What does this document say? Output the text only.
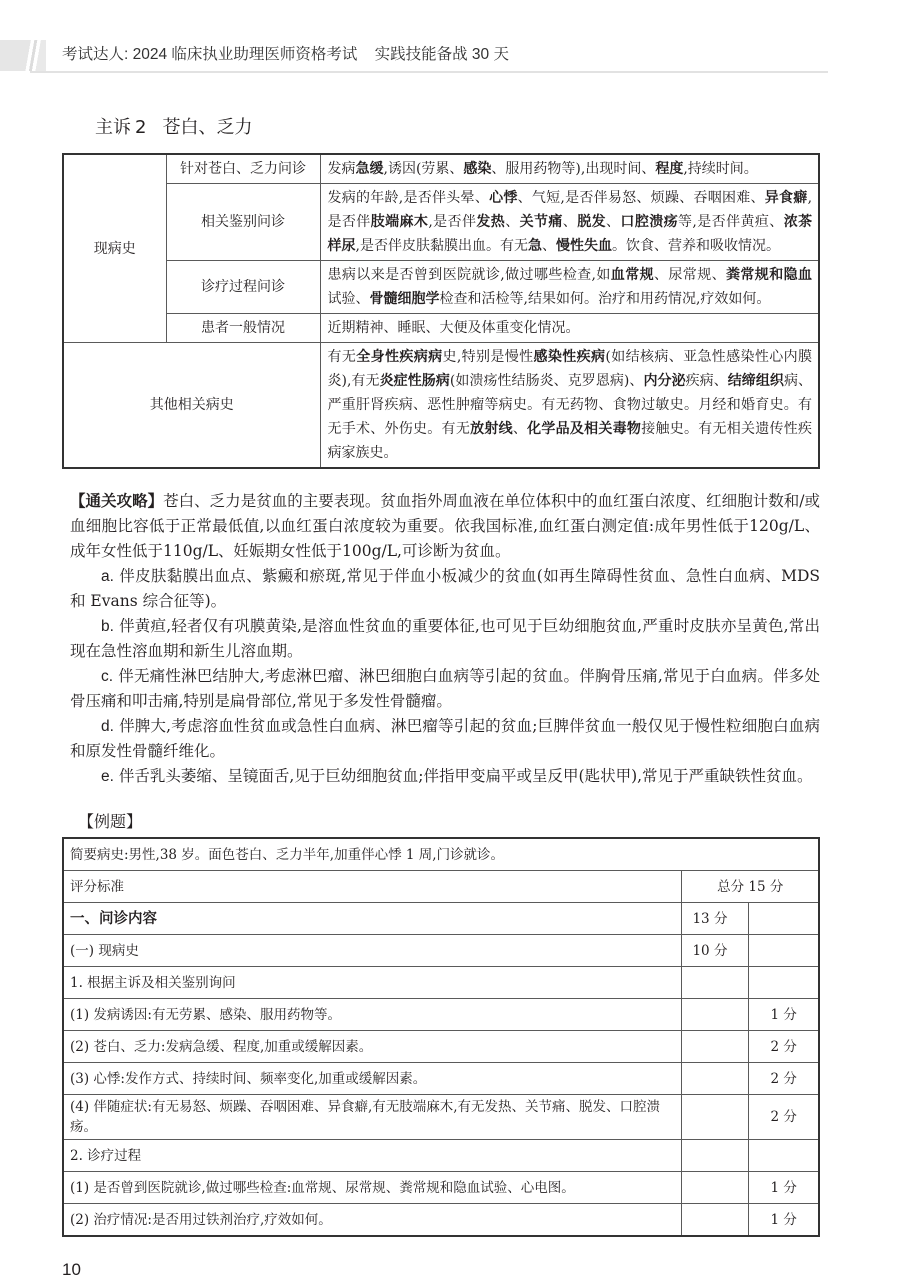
考试达人: 2024 临床执业助理医师资格考试    实践技能备战 30 天
主诉 2 苍白、乏力
现病史	针对苍白、乏力问诊	发病急缓,诱因(劳累、感染、服用药物等),出现时间、程度,持续时间。
	相关鉴别问诊	发病的年龄,是否伴头晕、心悸、气短,是否伴易怒、烦躁、吞咽困难、异食癖,是否伴肢端麻木,是否伴发热、关节痛、脱发、口腔溃疡等,是否伴黄疸、浓茶样尿,是否伴皮肤黏膜出血。有无急、慢性失血。饮食、营养和吸收情况。
	诊疗过程问诊	患病以来是否曾到医院就诊,做过哪些检查,如血常规、尿常规、粪常规和隐血试验、骨髓细胞学检查和活检等,结果如何。治疗和用药情况,疗效如何。
	患者一般情况	近期精神、睡眠、大便及体重变化情况。
其他相关病史		有无全身性疾病病史,特别是慢性感染性疾病(如结核病、亚急性感染性心内膜炎),有无炎症性肠病(如溃疡性结肠炎、克罗恩病)、内分泌疾病、结缔组织病、严重肝肾疾病、恶性肿瘤等病史。有无药物、食物过敏史。月经和婚育史。有无手术、外伤史。有无放射线、化学品及相关毒物接触史。有无相关遗传性疾病家族史。

【通关攻略】苍白、乏力是贫血的主要表现。贫血指外周血液在单位体积中的血红蛋白浓度、红细胞计数和/或血细胞比容低于正常最低值,以血红蛋白浓度较为重要。依我国标准,血红蛋白测定值:成年男性低于120g/L、成年女性低于110g/L、妊娠期女性低于100g/L,可诊断为贫血。

a. 伴皮肤黏膜出血点、紫癜和瘀斑,常见于伴血小板减少的贫血(如再生障碍性贫血、急性白血病、MDS 和 Evans 综合征等)。

b. 伴黄疸,轻者仅有巩膜黄染,是溶血性贫血的重要体征,也可见于巨幼细胞贫血,严重时皮肤亦呈黄色,常出现在急性溶血期和新生儿溶血期。

c. 伴无痛性淋巴结肿大,考虑淋巴瘤、淋巴细胞白血病等引起的贫血。伴胸骨压痛,常见于白血病。伴多处骨压痛和叩击痛,特别是扁骨部位,常见于多发性骨髓瘤。

d. 伴脾大,考虑溶血性贫血或急性白血病、淋巴瘤等引起的贫血;巨脾伴贫血一般仅见于慢性粒细胞白血病和原发性骨髓纤维化。

e. 伴舌乳头萎缩、呈镜面舌,见于巨幼细胞贫血;伴指甲变扁平或呈反甲(匙状甲),常见于严重缺铁性贫血。

【例题】
简要病史:男性,38 岁。面色苍白、乏力半年,加重伴心悸 1 周,门诊就诊。		
评分标准	总分 15 分	
一、问诊内容	13 分	
(一) 现病史	10 分	
1. 根据主诉及相关鉴别询问		
(1) 发病诱因:有无劳累、感染、服用药物等。		1 分
(2) 苍白、乏力:发病急缓、程度,加重或缓解因素。		2 分
(3) 心悸:发作方式、持续时间、频率变化,加重或缓解因素。		2 分
(4) 伴随症状:有无易怒、烦躁、吞咽困难、异食癖,有无肢端麻木,有无发热、关节痛、脱发、口腔溃疡。		2 分
2. 诊疗过程		
(1) 是否曾到医院就诊,做过哪些检查:血常规、尿常规、粪常规和隐血试验、心电图。		1 分
(2) 治疗情况:是否用过铁剂治疗,疗效如何。		1 分
10
